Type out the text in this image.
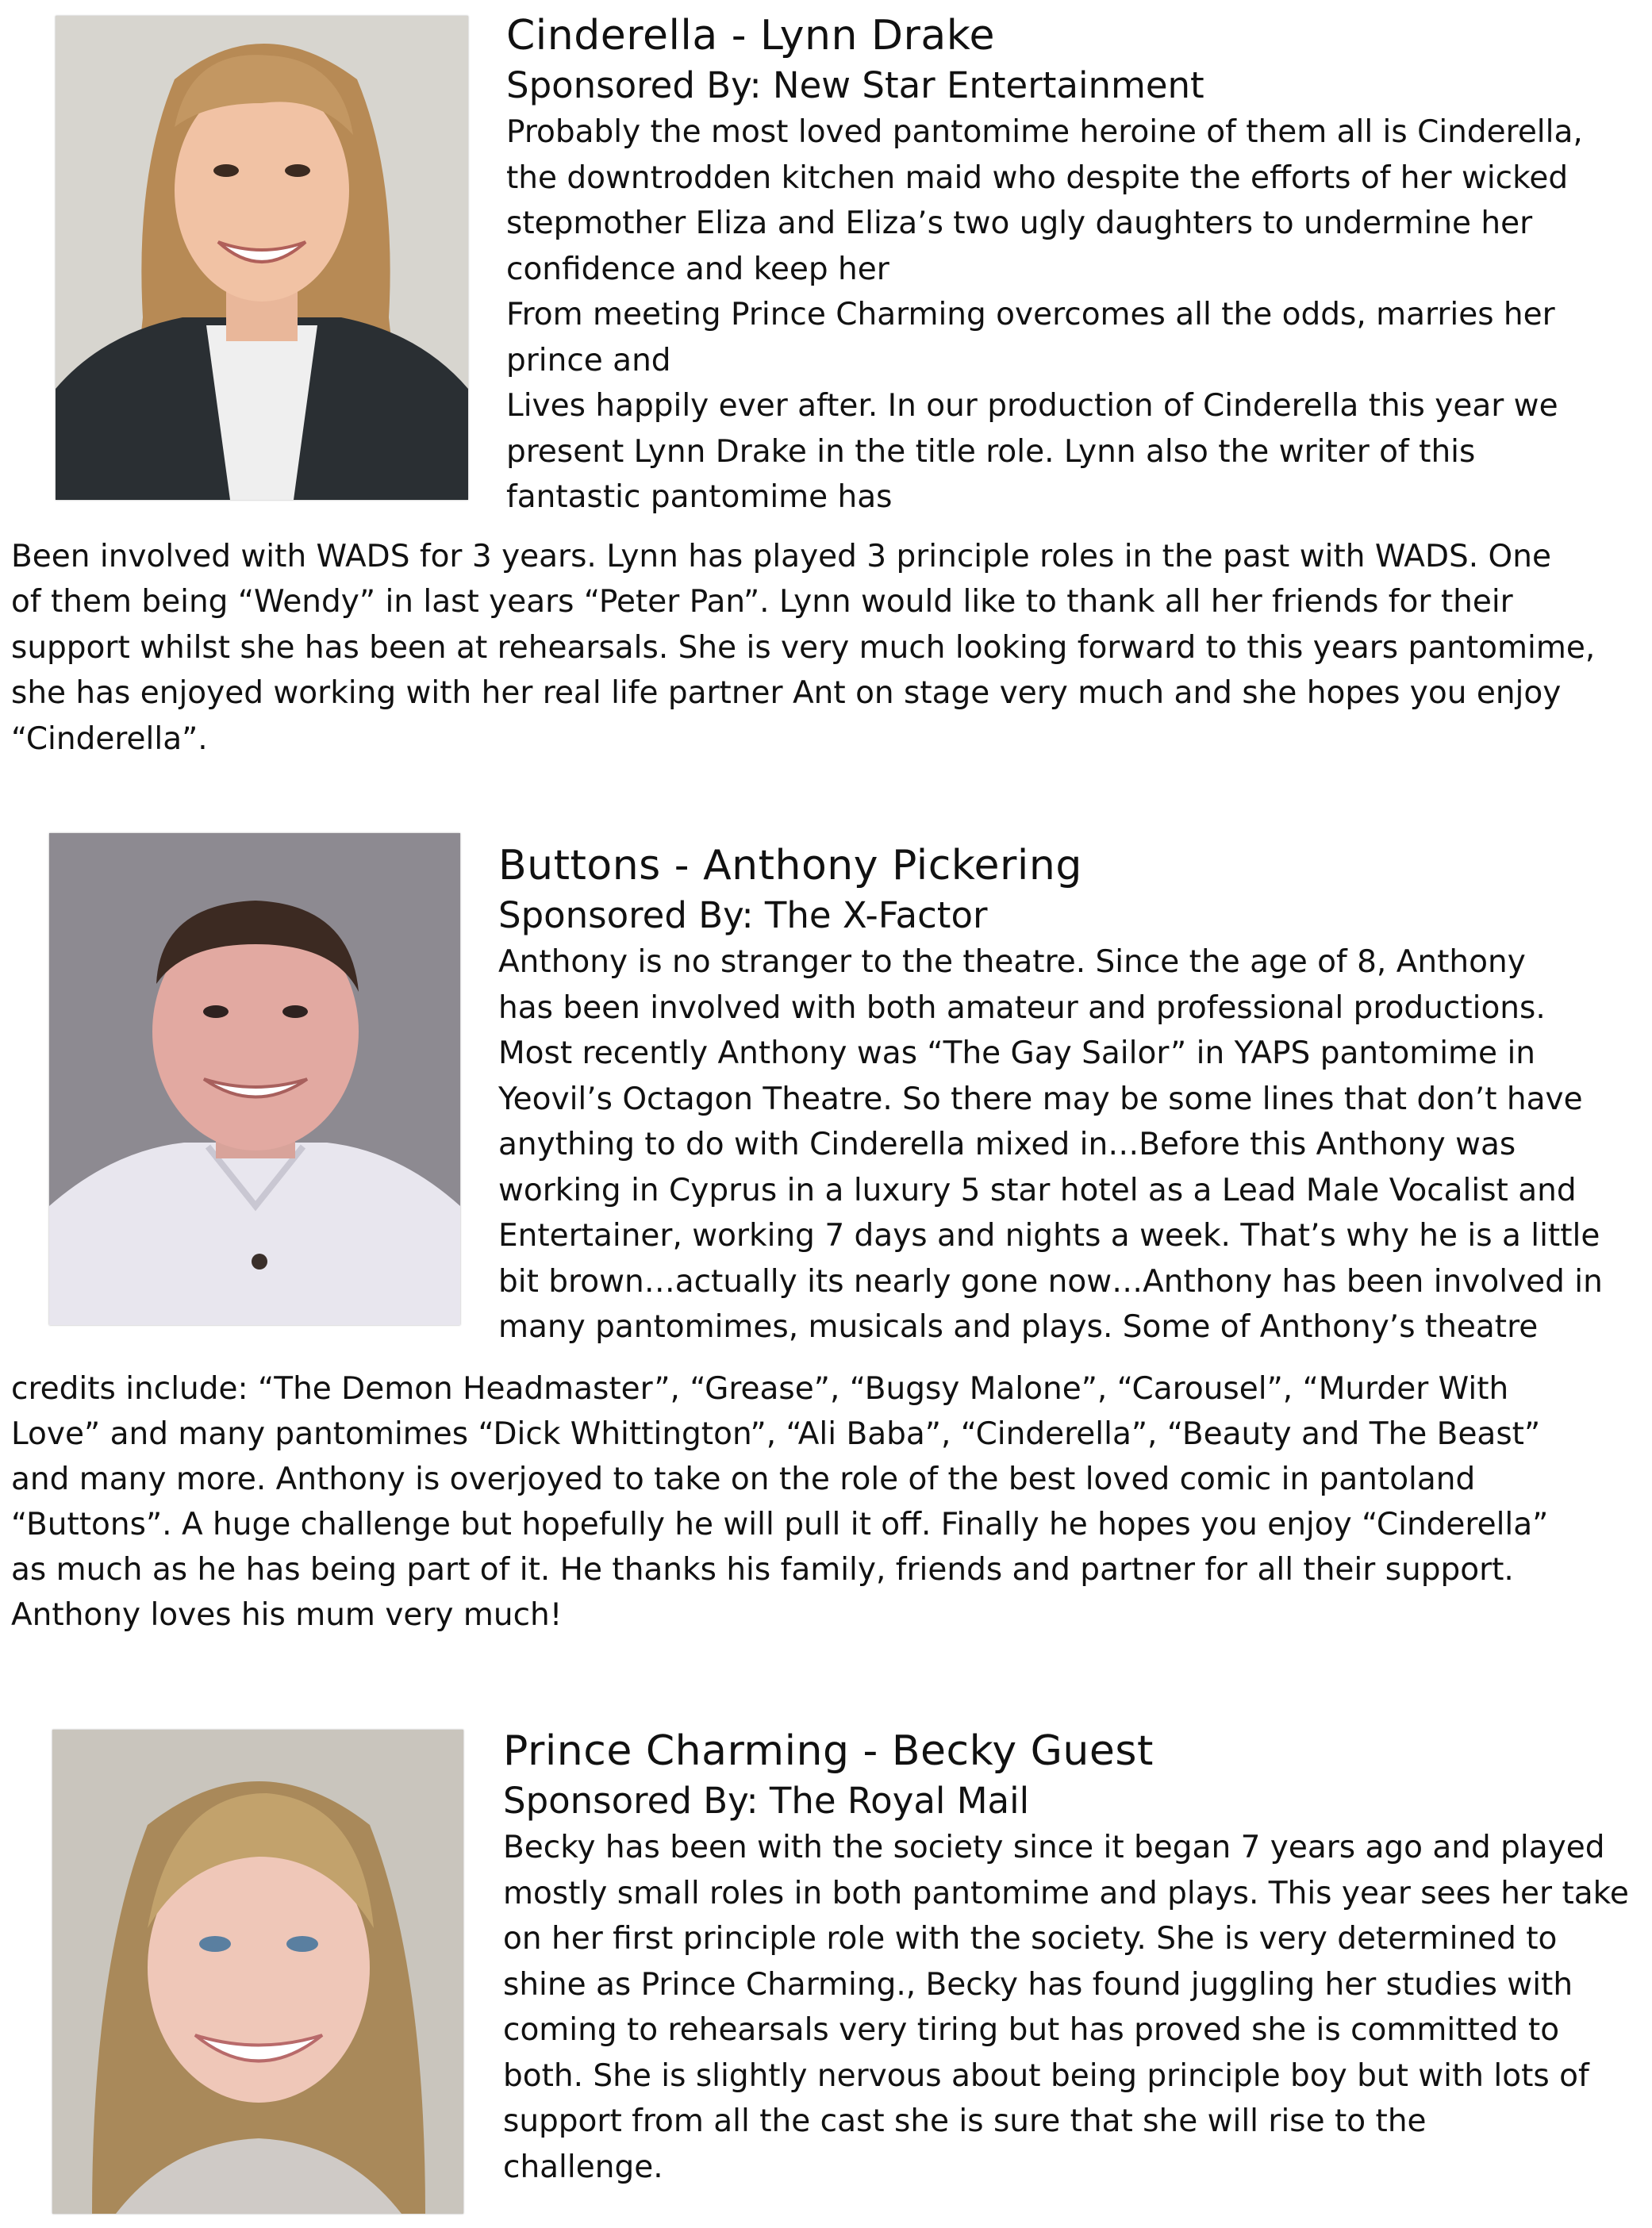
Cinderella - Lynn Drake

Sponsored By: New Star Entertainment

Probably the most loved pantomime heroine of them all is Cinderella,
the downtrodden kitchen maid who despite the efforts of her wicked
stepmother Eliza and Eliza’s two ugly daughters to undermine her
confidence and keep her
From meeting Prince Charming overcomes all the odds, marries her
prince and
Lives happily ever after. In our production of Cinderella this year we
present Lynn Drake in the title role. Lynn also the writer of this
fantastic pantomime has
Been involved with WADS for 3 years. Lynn has played 3 principle roles in the past with WADS. One
of them being “Wendy” in last years “Peter Pan”. Lynn would like to thank all her friends for their
support whilst she has been at rehearsals. She is very much looking forward to this years pantomime,
she has enjoyed working with her real life partner Ant on stage very much and she hopes you enjoy
“Cinderella”.
Buttons - Anthony Pickering

Sponsored By: The X-Factor

Anthony is no stranger to the theatre. Since the age of 8, Anthony
has been involved with both amateur and professional productions.
Most recently Anthony was “The Gay Sailor” in YAPS pantomime in
Yeovil’s Octagon Theatre. So there may be some lines that don’t have
anything to do with Cinderella mixed in…Before this Anthony was
working in Cyprus in a luxury 5 star hotel as a Lead Male Vocalist and
Entertainer, working 7 days and nights a week. That’s why he is a little
bit brown…actually its nearly gone now…Anthony has been involved in
many pantomimes, musicals and plays. Some of Anthony’s theatre
credits include: “The Demon Headmaster”, “Grease”, “Bugsy Malone”, “Carousel”, “Murder With
Love” and many pantomimes “Dick Whittington”, “Ali Baba”, “Cinderella”, “Beauty and The Beast”
and many more. Anthony is overjoyed to take on the role of the best loved comic in pantoland
“Buttons”. A huge challenge but hopefully he will pull it off. Finally he hopes you enjoy “Cinderella”
as much as he has being part of it. He thanks his family, friends and partner for all their support.
Anthony loves his mum very much!
Prince Charming - Becky Guest

Sponsored By: The Royal Mail

Becky has been with the society since it began 7 years ago and played
mostly small roles in both pantomime and plays. This year sees her take
on her first principle role with the society. She is very determined to
shine as Prince Charming., Becky has found juggling her studies with
coming to rehearsals very tiring but has proved she is committed to
both. She is slightly nervous about being principle boy but with lots of
support from all the cast she is sure that she will rise to the
challenge.
